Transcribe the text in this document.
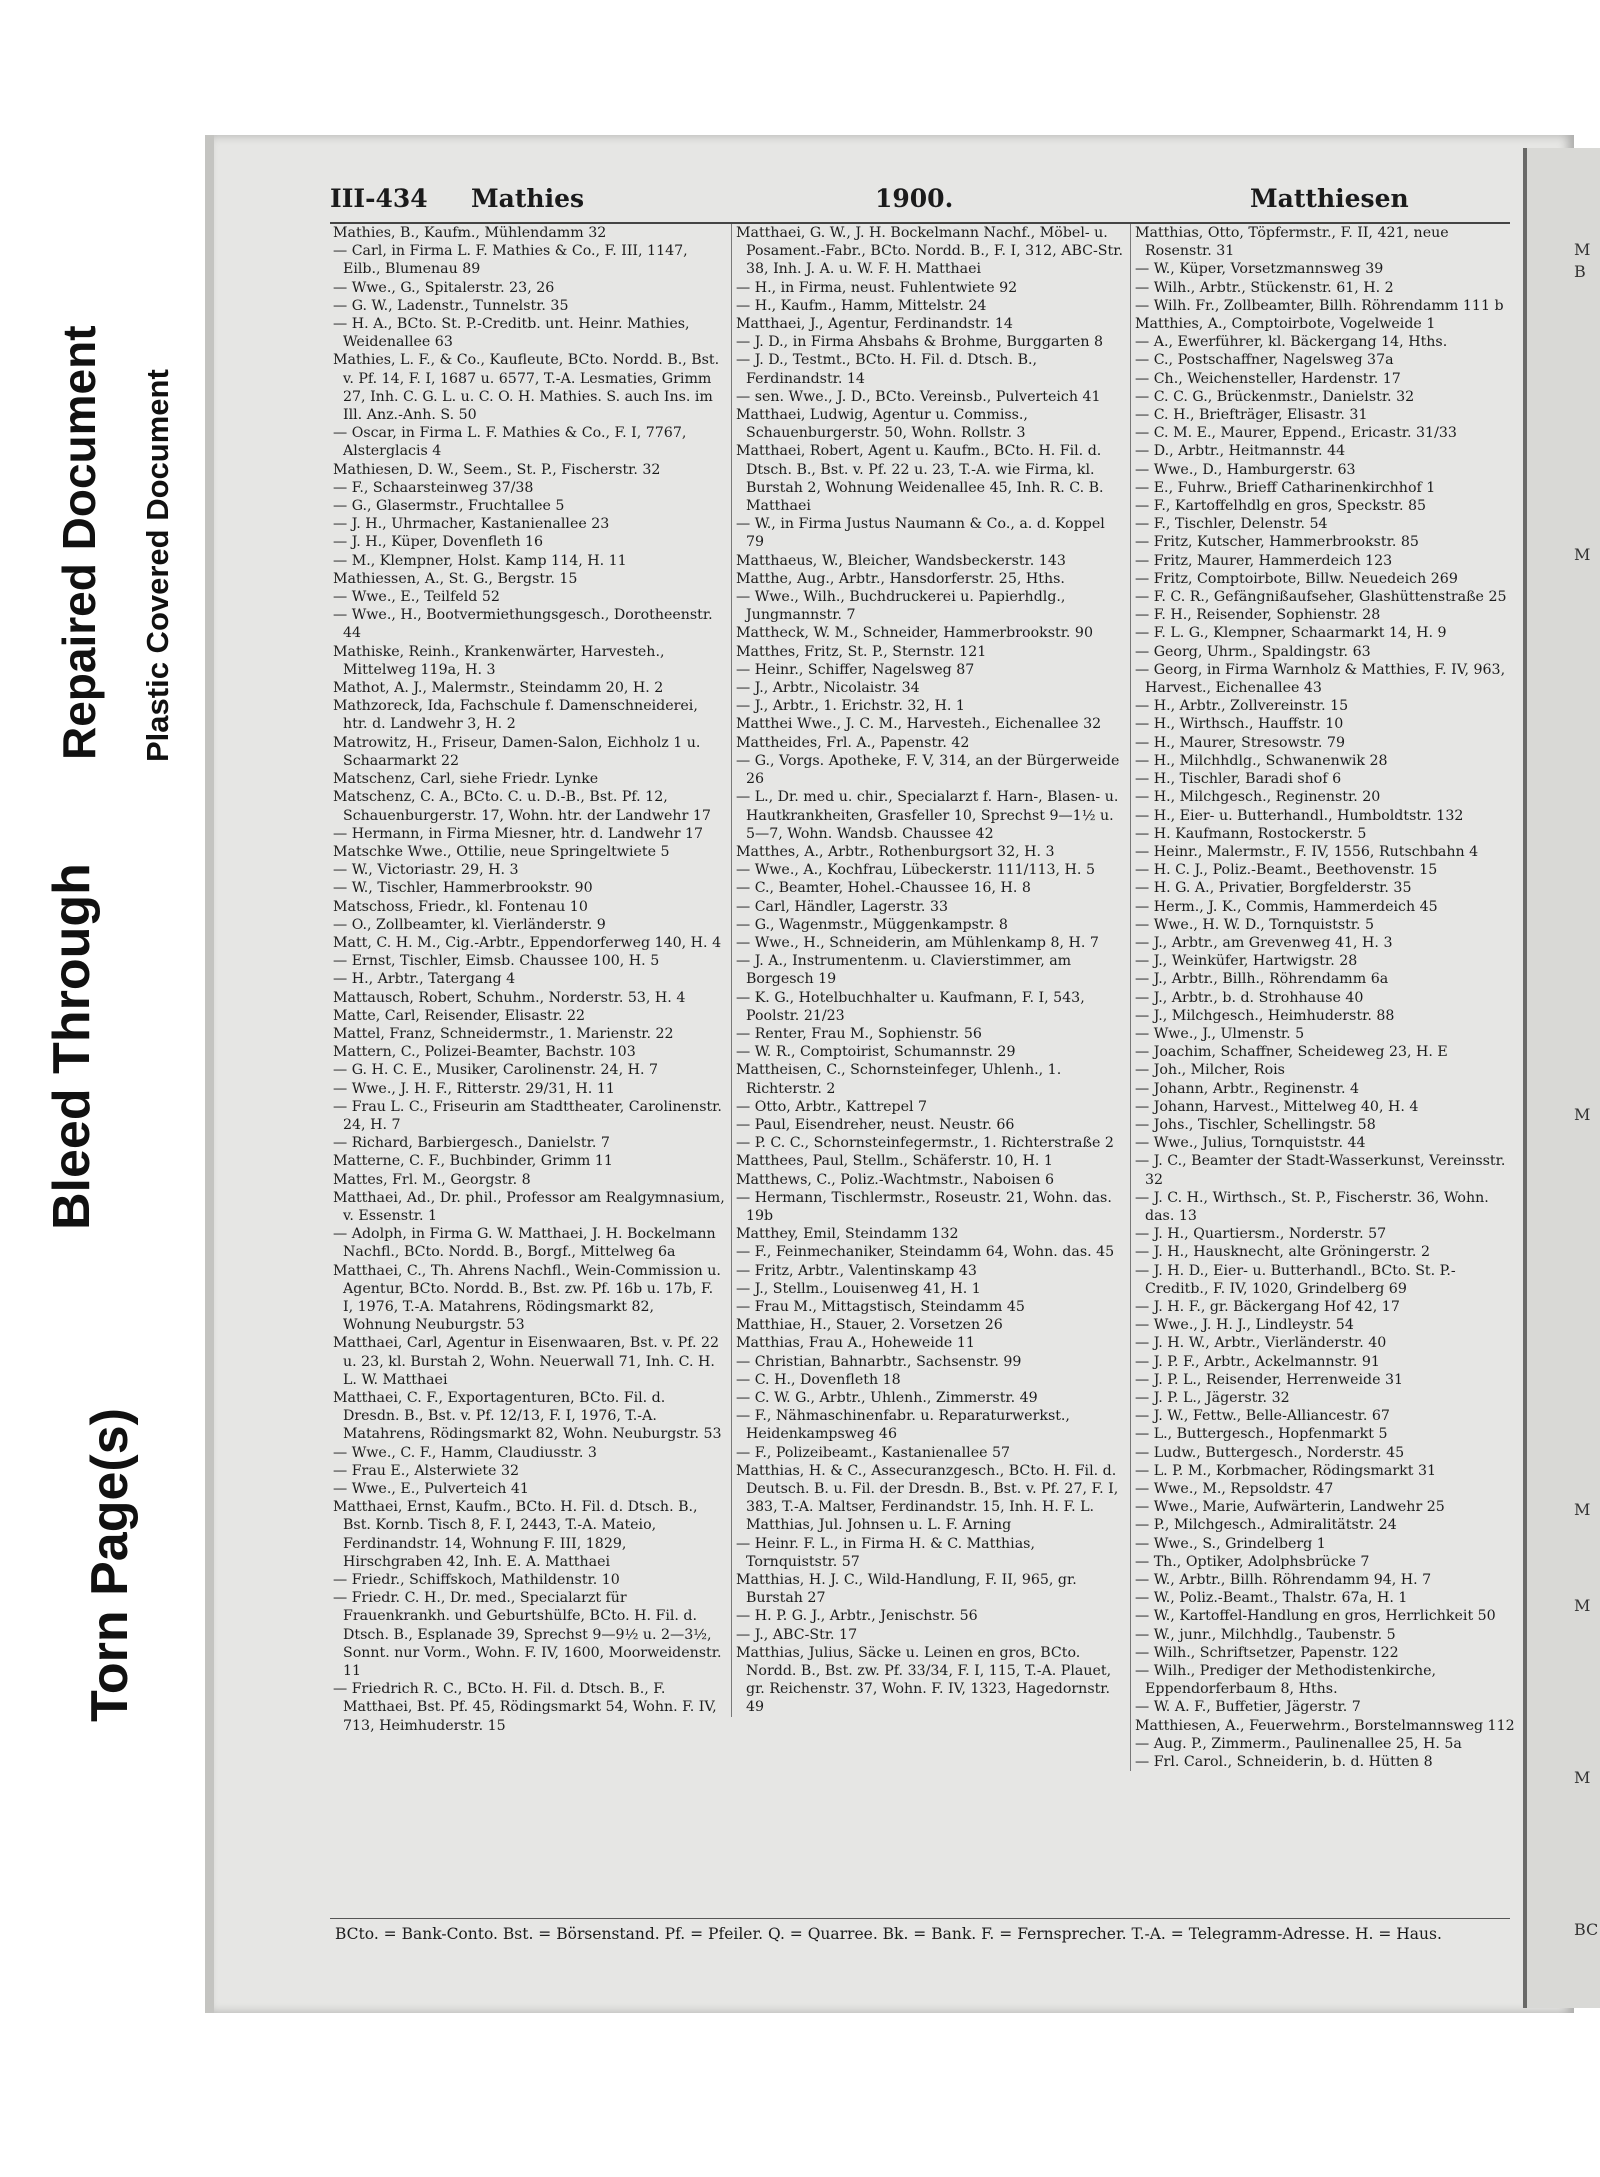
Torn Page(s)
Bleed Through
Repaired Document Plastic Covered Document
M
B
M
M
M
M
M
BC
III-434 Mathies	1900.	Matthiesen

Mathies, B., Kaufm., Mühlendamm 32

— Carl, in Firma L. F. Mathies & Co., F. III, 1147, Eilb., Blumenau 89

— Wwe., G., Spitalerstr. 23, 26

— G. W., Ladenstr., Tunnelstr. 35

— H. A., BCto. St. P.-Creditb. unt. Heinr. Mathies, Weidenallee 63

Mathies, L. F., & Co., Kaufleute, BCto. Nordd. B., Bst. v. Pf. 14, F. I, 1687 u. 6577, T.-A. Lesmaties, Grimm 27, Inh. C. G. L. u. C. O. H. Mathies. S. auch Ins. im Ill. Anz.-Anh. S. 50

— Oscar, in Firma L. F. Mathies & Co., F. I, 7767, Alsterglacis 4

Mathiesen, D. W., Seem., St. P., Fischerstr. 32

— F., Schaarsteinweg 37/38

— G., Glasermstr., Fruchtallee 5

— J. H., Uhrmacher, Kastanienallee 23

— J. H., Küper, Dovenfleth 16

— M., Klempner, Holst. Kamp 114, H. 11

Mathiessen, A., St. G., Bergstr. 15

— Wwe., E., Teilfeld 52

— Wwe., H., Bootvermiethungsgesch., Dorotheenstr. 44

Mathiske, Reinh., Krankenwärter, Harvesteh., Mittelweg 119a, H. 3

Mathot, A. J., Malermstr., Steindamm 20, H. 2

Mathzoreck, Ida, Fachschule f. Damenschneiderei, htr. d. Landwehr 3, H. 2

Matrowitz, H., Friseur, Damen-Salon, Eichholz 1 u. Schaarmarkt 22

Matschenz, Carl, siehe Friedr. Lynke

Matschenz, C. A., BCto. C. u. D.-B., Bst. Pf. 12, Schauenburgerstr. 17, Wohn. htr. der Landwehr 17

— Hermann, in Firma Miesner, htr. d. Landwehr 17

Matschke Wwe., Ottilie, neue Springeltwiete 5

— W., Victoriastr. 29, H. 3

— W., Tischler, Hammerbrookstr. 90

Matschoss, Friedr., kl. Fontenau 10

— O., Zollbeamter, kl. Vierländerstr. 9

Matt, C. H. M., Cig.-Arbtr., Eppendorferweg 140, H. 4

— Ernst, Tischler, Eimsb. Chaussee 100, H. 5

— H., Arbtr., Tatergang 4

Mattausch, Robert, Schuhm., Norderstr. 53, H. 4

Matte, Carl, Reisender, Elisastr. 22

Mattel, Franz, Schneidermstr., 1. Marienstr. 22

Mattern, C., Polizei-Beamter, Bachstr. 103

— G. H. C. E., Musiker, Carolinenstr. 24, H. 7

— Wwe., J. H. F., Ritterstr. 29/31, H. 11

— Frau L. C., Friseurin am Stadttheater, Carolinenstr. 24, H. 7

— Richard, Barbiergesch., Danielstr. 7

Matterne, C. F., Buchbinder, Grimm 11

Mattes, Frl. M., Georgstr. 8

Matthaei, Ad., Dr. phil., Professor am Realgymnasium, v. Essenstr. 1

— Adolph, in Firma G. W. Matthaei, J. H. Bockelmann Nachfl., BCto. Nordd. B., Borgf., Mittelweg 6a

Matthaei, C., Th. Ahrens Nachfl., Wein-Commission u. Agentur, BCto. Nordd. B., Bst. zw. Pf. 16b u. 17b, F. I, 1976, T.-A. Matahrens, Rödingsmarkt 82, Wohnung Neuburgstr. 53

Matthaei, Carl, Agentur in Eisenwaaren, Bst. v. Pf. 22 u. 23, kl. Burstah 2, Wohn. Neuerwall 71, Inh. C. H. L. W. Matthaei

Matthaei, C. F., Exportagenturen, BCto. Fil. d. Dresdn. B., Bst. v. Pf. 12/13, F. I, 1976, T.-A. Matahrens, Rödingsmarkt 82, Wohn. Neuburgstr. 53

— Wwe., C. F., Hamm, Claudiusstr. 3

— Frau E., Alsterwiete 32

— Wwe., E., Pulverteich 41

Matthaei, Ernst, Kaufm., BCto. H. Fil. d. Dtsch. B., Bst. Kornb. Tisch 8, F. I, 2443, T.-A. Mateio, Ferdinandstr. 14, Wohnung F. III, 1829, Hirschgraben 42, Inh. E. A. Matthaei

— Friedr., Schiffskoch, Mathildenstr. 10

— Friedr. C. H., Dr. med., Specialarzt für Frauenkrankh. und Geburtshülfe, BCto. H. Fil. d. Dtsch. B., Esplanade 39, Sprechst 9—9½ u. 2—3½, Sonnt. nur Vorm., Wohn. F. IV, 1600, Moorweidenstr. 11

— Friedrich R. C., BCto. H. Fil. d. Dtsch. B., F. Matthaei, Bst. Pf. 45, Rödingsmarkt 54, Wohn. F. IV, 713, Heimhuderstr. 15

Matthaei, G. W., J. H. Bockelmann Nachf., Möbel- u. Posament.-Fabr., BCto. Nordd. B., F. I, 312, ABC-Str. 38, Inh. J. A. u. W. F. H. Matthaei

— H., in Firma, neust. Fuhlentwiete 92

— H., Kaufm., Hamm, Mittelstr. 24

Matthaei, J., Agentur, Ferdinandstr. 14

— J. D., in Firma Ahsbahs & Brohme, Burggarten 8

— J. D., Testmt., BCto. H. Fil. d. Dtsch. B., Ferdinandstr. 14

— sen. Wwe., J. D., BCto. Vereinsb., Pulverteich 41

Matthaei, Ludwig, Agentur u. Commiss., Schauenburgerstr. 50, Wohn. Rollstr. 3

Matthaei, Robert, Agent u. Kaufm., BCto. H. Fil. d. Dtsch. B., Bst. v. Pf. 22 u. 23, T.-A. wie Firma, kl. Burstah 2, Wohnung Weidenallee 45, Inh. R. C. B. Matthaei

— W., in Firma Justus Naumann & Co., a. d. Koppel 79

Matthaeus, W., Bleicher, Wandsbeckerstr. 143

Matthe, Aug., Arbtr., Hansdorferstr. 25, Hths.

— Wwe., Wilh., Buchdruckerei u. Papierhdlg., Jungmannstr. 7

Mattheck, W. M., Schneider, Hammerbrookstr. 90

Matthes, Fritz, St. P., Sternstr. 121

— Heinr., Schiffer, Nagelsweg 87

— J., Arbtr., Nicolaistr. 34

— J., Arbtr., 1. Erichstr. 32, H. 1

Matthei Wwe., J. C. M., Harvesteh., Eichenallee 32

Mattheides, Frl. A., Papenstr. 42

— G., Vorgs. Apotheke, F. V, 314, an der Bürgerweide 26

— L., Dr. med u. chir., Specialarzt f. Harn-, Blasen- u. Hautkrankheiten, Grasfeller 10, Sprechst 9—1½ u. 5—7, Wohn. Wandsb. Chaussee 42

Matthes, A., Arbtr., Rothenburgsort 32, H. 3

— Wwe., A., Kochfrau, Lübeckerstr. 111/113, H. 5

— C., Beamter, Hohel.-Chaussee 16, H. 8

— Carl, Händler, Lagerstr. 33

— G., Wagenmstr., Müggenkampstr. 8

— Wwe., H., Schneiderin, am Mühlenkamp 8, H. 7

— J. A., Instrumentenm. u. Clavierstimmer, am Borgesch 19

— K. G., Hotelbuchhalter u. Kaufmann, F. I, 543, Poolstr. 21/23

— Renter, Frau M., Sophienstr. 56

— W. R., Comptoirist, Schumannstr. 29

Mattheisen, C., Schornsteinfeger, Uhlenh., 1. Richterstr. 2

— Otto, Arbtr., Kattrepel 7

— Paul, Eisendreher, neust. Neustr. 66

— P. C. C., Schornsteinfegermstr., 1. Richterstraße 2

Matthees, Paul, Stellm., Schäferstr. 10, H. 1

Matthews, C., Poliz.-Wachtmstr., Naboisen 6

— Hermann, Tischlermstr., Roseustr. 21, Wohn. das. 19b

Matthey, Emil, Steindamm 132

— F., Feinmechaniker, Steindamm 64, Wohn. das. 45

— Fritz, Arbtr., Valentinskamp 43

— J., Stellm., Louisenweg 41, H. 1

— Frau M., Mittagstisch, Steindamm 45

Matthiae, H., Stauer, 2. Vorsetzen 26

Matthias, Frau A., Hoheweide 11

— Christian, Bahnarbtr., Sachsenstr. 99

— C. H., Dovenfleth 18

— C. W. G., Arbtr., Uhlenh., Zimmerstr. 49

— F., Nähmaschinenfabr. u. Reparaturwerkst., Heidenkampsweg 46

— F., Polizeibeamt., Kastanienallee 57

Matthias, H. & C., Assecuranzgesch., BCto. H. Fil. d. Deutsch. B. u. Fil. der Dresdn. B., Bst. v. Pf. 27, F. I, 383, T.-A. Maltser, Ferdinandstr. 15, Inh. H. F. L. Matthias, Jul. Johnsen u. L. F. Arning

— Heinr. F. L., in Firma H. & C. Matthias, Tornquiststr. 57

Matthias, H. J. C., Wild-Handlung, F. II, 965, gr. Burstah 27

— H. P. G. J., Arbtr., Jenischstr. 56

— J., ABC-Str. 17

Matthias, Julius, Säcke u. Leinen en gros, BCto. Nordd. B., Bst. zw. Pf. 33/34, F. I, 115, T.-A. Plauet, gr. Reichenstr. 37, Wohn. F. IV, 1323, Hagedornstr. 49

Matthias, Otto, Töpfermstr., F. II, 421, neue Rosenstr. 31

— W., Küper, Vorsetzmannsweg 39

— Wilh., Arbtr., Stückenstr. 61, H. 2

— Wilh. Fr., Zollbeamter, Billh. Röhrendamm 111 b

Matthies, A., Comptoirbote, Vogelweide 1

— A., Ewerführer, kl. Bäckergang 14, Hths.

— C., Postschaffner, Nagelsweg 37a

— Ch., Weichensteller, Hardenstr. 17

— C. C. G., Brückenmstr., Danielstr. 32

— C. H., Briefträger, Elisastr. 31

— C. M. E., Maurer, Eppend., Ericastr. 31/33

— D., Arbtr., Heitmannstr. 44

— Wwe., D., Hamburgerstr. 63

— E., Fuhrw., Brieff Catharinenkirchhof 1

— F., Kartoffelhdlg en gros, Speckstr. 85

— F., Tischler, Delenstr. 54

— Fritz, Kutscher, Hammerbrookstr. 85

— Fritz, Maurer, Hammerdeich 123

— Fritz, Comptoirbote, Billw. Neuedeich 269

— F. C. R., Gefängnißaufseher, Glashüttenstraße 25

— F. H., Reisender, Sophienstr. 28

— F. L. G., Klempner, Schaarmarkt 14, H. 9

— Georg, Uhrm., Spaldingstr. 63

— Georg, in Firma Warnholz & Matthies, F. IV, 963, Harvest., Eichenallee 43

— H., Arbtr., Zollvereinstr. 15

— H., Wirthsch., Hauffstr. 10

— H., Maurer, Stresowstr. 79

— H., Milchhdlg., Schwanenwik 28

— H., Tischler, Baradi shof 6

— H., Milchgesch., Reginenstr. 20

— H., Eier- u. Butterhandl., Humboldtstr. 132

— H. Kaufmann, Rostockerstr. 5

— Heinr., Malermstr., F. IV, 1556, Rutschbahn 4

— H. C. J., Poliz.-Beamt., Beethovenstr. 15

— H. G. A., Privatier, Borgfelderstr. 35

— Herm., J. K., Commis, Hammerdeich 45

— Wwe., H. W. D., Tornquiststr. 5

— J., Arbtr., am Grevenweg 41, H. 3

— J., Weinküfer, Hartwigstr. 28

— J., Arbtr., Billh., Röhrendamm 6a

— J., Arbtr., b. d. Strohhause 40

— J., Milchgesch., Heimhuderstr. 88

— Wwe., J., Ulmenstr. 5

— Joachim, Schaffner, Scheideweg 23, H. E

— Joh., Milcher, Rois

— Johann, Arbtr., Reginenstr. 4

— Johann, Harvest., Mittelweg 40, H. 4

— Johs., Tischler, Schellingstr. 58

— Wwe., Julius, Tornquiststr. 44

— J. C., Beamter der Stadt-Wasserkunst, Vereinsstr. 32

— J. C. H., Wirthsch., St. P., Fischerstr. 36, Wohn. das. 13

— J. H., Quartiersm., Norderstr. 57

— J. H., Hausknecht, alte Gröningerstr. 2

— J. H. D., Eier- u. Butterhandl., BCto. St. P.-Creditb., F. IV, 1020, Grindelberg 69

— J. H. F., gr. Bäckergang Hof 42, 17

— Wwe., J. H. J., Lindleystr. 54

— J. H. W., Arbtr., Vierländerstr. 40

— J. P. F., Arbtr., Ackelmannstr. 91

— J. P. L., Reisender, Herrenweide 31

— J. P. L., Jägerstr. 32

— J. W., Fettw., Belle-Alliancestr. 67

— L., Buttergesch., Hopfenmarkt 5

— Ludw., Buttergesch., Norderstr. 45

— L. P. M., Korbmacher, Rödingsmarkt 31

— Wwe., M., Repsoldstr. 47

— Wwe., Marie, Aufwärterin, Landwehr 25

— P., Milchgesch., Admiralitätstr. 24

— Wwe., S., Grindelberg 1

— Th., Optiker, Adolphsbrücke 7

— W., Arbtr., Billh. Röhrendamm 94, H. 7

— W., Poliz.-Beamt., Thalstr. 67a, H. 1

— W., Kartoffel-Handlung en gros, Herrlichkeit 50

— W., junr., Milchhdlg., Taubenstr. 5

— Wilh., Schriftsetzer, Papenstr. 122

— Wilh., Prediger der Methodistenkirche, Eppendorferbaum 8, Hths.

— W. A. F., Buffetier, Jägerstr. 7

Matthiesen, A., Feuerwehrm., Borstelmannsweg 112

— Aug. P., Zimmerm., Paulinenallee 25, H. 5a

— Frl. Carol., Schneiderin, b. d. Hütten 8

BCto. = Bank-Conto. Bst. = Börsenstand. Pf. = Pfeiler. Q. = Quarree. Bk. = Bank. F. = Fernsprecher. T.-A. = Telegramm-Adresse. H. = Haus.
